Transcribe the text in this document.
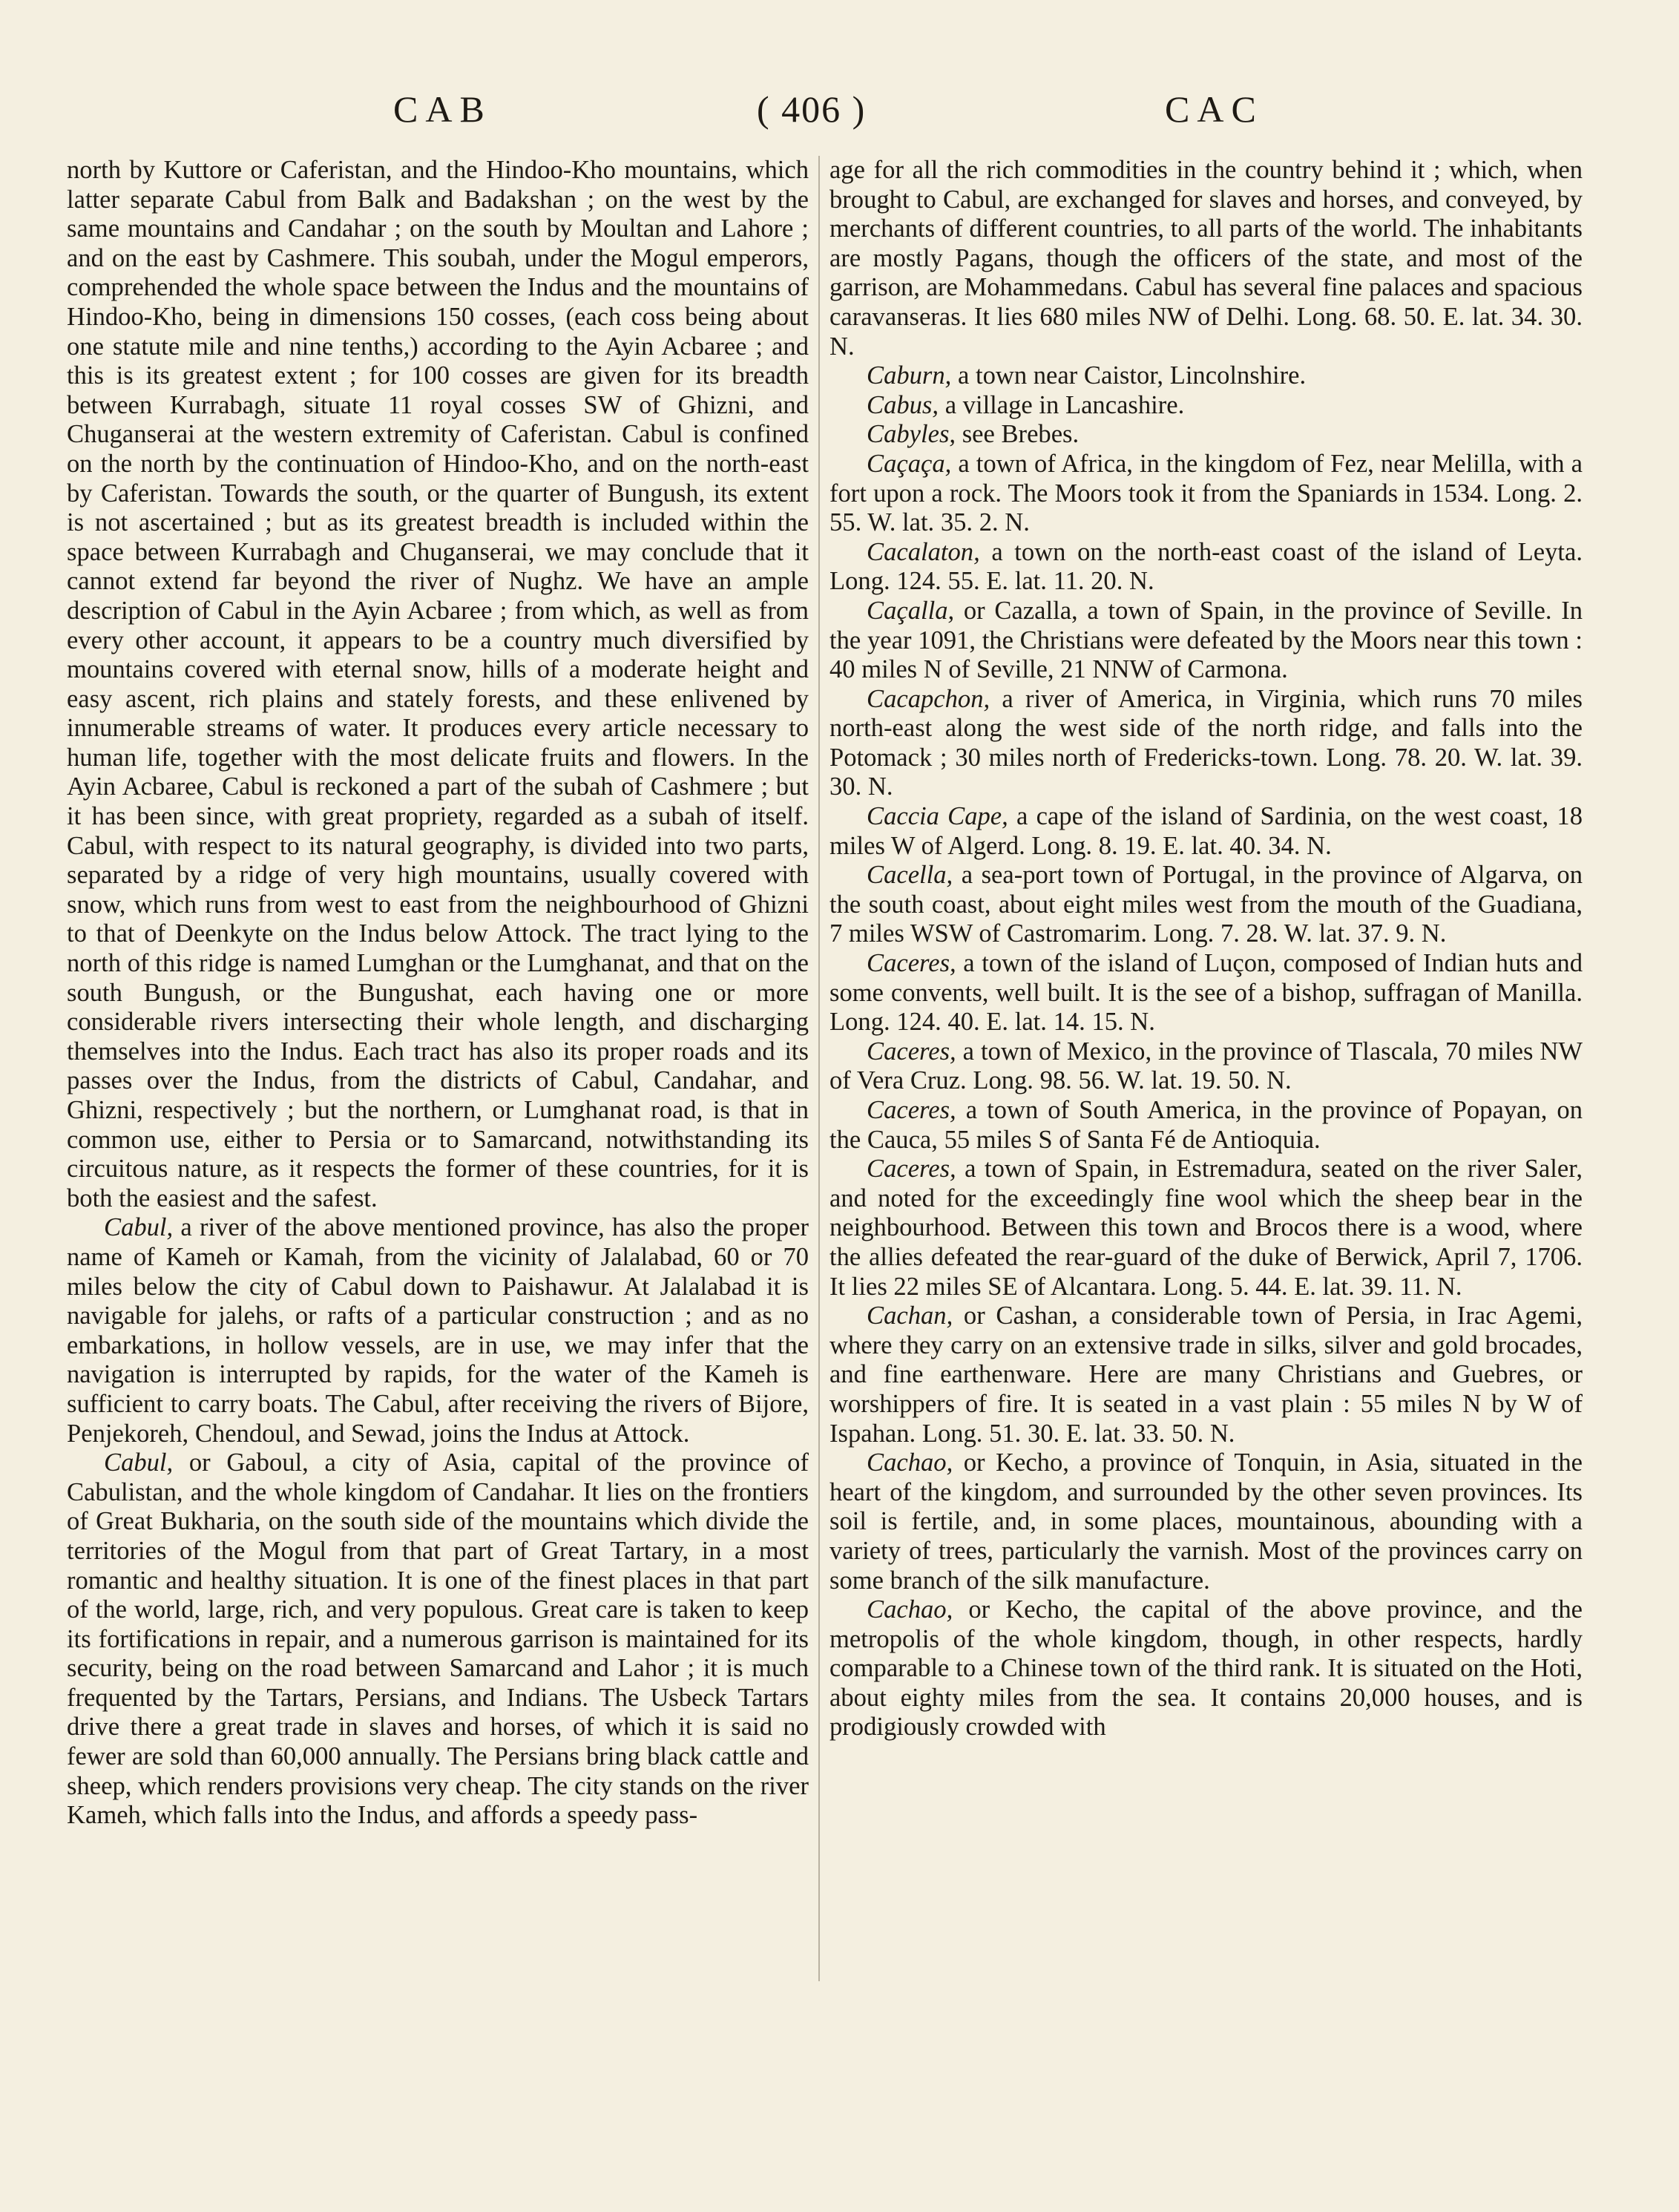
CAB	( 406 )	CAC

north by Kuttore or Caferistan, and the Hindoo-Kho mountains, which latter separate Cabul from Balk and Badakshan ; on the west by the same mountains and Candahar ; on the south by Moultan and Lahore ; and on the east by Cashmere. This soubah, under the Mogul emperors, comprehended the whole space between the Indus and the mountains of Hindoo-Kho, being in dimensions 150 cosses, (each coss being about one statute mile and nine tenths,) according to the Ayin Acbaree ; and this is its greatest extent ; for 100 cosses are given for its breadth between Kurrabagh, situate 11 royal cosses SW of Ghizni, and Chuganserai at the western extremity of Caferistan. Cabul is confined on the north by the continuation of Hindoo-Kho, and on the north-east by Caferistan. Towards the south, or the quarter of Bungush, its extent is not ascertained ; but as its greatest breadth is included within the space between Kurrabagh and Chuganserai, we may conclude that it cannot extend far beyond the river of Nughz. We have an ample description of Cabul in the Ayin Acbaree ; from which, as well as from every other account, it appears to be a country much diversified by mountains covered with eternal snow, hills of a moderate height and easy ascent, rich plains and stately forests, and these enlivened by innumerable streams of water. It produces every article necessary to human life, together with the most delicate fruits and flowers. In the Ayin Acbaree, Cabul is reckoned a part of the subah of Cashmere ; but it has been since, with great propriety, regarded as a subah of itself. Cabul, with respect to its natural geography, is divided into two parts, separated by a ridge of very high mountains, usually covered with snow, which runs from west to east from the neighbourhood of Ghizni to that of Deenkyte on the Indus below Attock. The tract lying to the north of this ridge is named Lumghan or the Lumghanat, and that on the south Bungush, or the Bungushat, each having one or more considerable rivers intersecting their whole length, and discharging themselves into the Indus. Each tract has also its proper roads and its passes over the Indus, from the districts of Cabul, Candahar, and Ghizni, respectively ; but the northern, or Lumghanat road, is that in common use, either to Persia or to Samarcand, notwithstanding its circuitous nature, as it respects the former of these countries, for it is both the easiest and the safest.

Cabul, a river of the above mentioned province, has also the proper name of Kameh or Kamah, from the vicinity of Jalalabad, 60 or 70 miles below the city of Cabul down to Paishawur. At Jalalabad it is navigable for jalehs, or rafts of a particular construction ; and as no embarkations, in hollow vessels, are in use, we may infer that the navigation is interrupted by rapids, for the water of the Kameh is sufficient to carry boats. The Cabul, after receiving the rivers of Bijore, Penjekoreh, Chendoul, and Sewad, joins the Indus at Attock.

Cabul, or Gaboul, a city of Asia, capital of the province of Cabulistan, and the whole kingdom of Candahar. It lies on the frontiers of Great Bukharia, on the south side of the mountains which divide the territories of the Mogul from that part of Great Tartary, in a most romantic and healthy situation. It is one of the finest places in that part of the world, large, rich, and very populous. Great care is taken to keep its fortifications in repair, and a numerous garrison is maintained for its security, being on the road between Samarcand and Lahor ; it is much frequented by the Tartars, Persians, and Indians. The Usbeck Tartars drive there a great trade in slaves and horses, of which it is said no fewer are sold than 60,000 annually. The Persians bring black cattle and sheep, which renders provisions very cheap. The city stands on the river Kameh, which falls into the Indus, and affords a speedy pass-

age for all the rich commodities in the country behind it ; which, when brought to Cabul, are exchanged for slaves and horses, and conveyed, by merchants of different countries, to all parts of the world. The inhabitants are mostly Pagans, though the officers of the state, and most of the garrison, are Mohammedans. Cabul has several fine palaces and spacious caravanseras. It lies 680 miles NW of Delhi. Long. 68. 50. E. lat. 34. 30. N.

Caburn, a town near Caistor, Lincolnshire.

Cabus, a village in Lancashire.

Cabyles, see Brebes.

Caçaça, a town of Africa, in the kingdom of Fez, near Melilla, with a fort upon a rock. The Moors took it from the Spaniards in 1534. Long. 2. 55. W. lat. 35. 2. N.

Cacalaton, a town on the north-east coast of the island of Leyta. Long. 124. 55. E. lat. 11. 20. N.

Caçalla, or Cazalla, a town of Spain, in the province of Seville. In the year 1091, the Christians were defeated by the Moors near this town : 40 miles N of Seville, 21 NNW of Carmona.

Cacapchon, a river of America, in Virginia, which runs 70 miles north-east along the west side of the north ridge, and falls into the Potomack ; 30 miles north of Fredericks-town. Long. 78. 20. W. lat. 39. 30. N.

Caccia Cape, a cape of the island of Sardinia, on the west coast, 18 miles W of Algerd. Long. 8. 19. E. lat. 40. 34. N.

Cacella, a sea-port town of Portugal, in the province of Algarva, on the south coast, about eight miles west from the mouth of the Guadiana, 7 miles WSW of Castromarim. Long. 7. 28. W. lat. 37. 9. N.

Caceres, a town of the island of Luçon, composed of Indian huts and some convents, well built. It is the see of a bishop, suffragan of Manilla. Long. 124. 40. E. lat. 14. 15. N.

Caceres, a town of Mexico, in the province of Tlascala, 70 miles NW of Vera Cruz. Long. 98. 56. W. lat. 19. 50. N.

Caceres, a town of South America, in the province of Popayan, on the Cauca, 55 miles S of Santa Fé de Antioquia.

Caceres, a town of Spain, in Estremadura, seated on the river Saler, and noted for the exceedingly fine wool which the sheep bear in the neighbourhood. Between this town and Brocos there is a wood, where the allies defeated the rear-guard of the duke of Berwick, April 7, 1706. It lies 22 miles SE of Alcantara. Long. 5. 44. E. lat. 39. 11. N.

Cachan, or Cashan, a considerable town of Persia, in Irac Agemi, where they carry on an extensive trade in silks, silver and gold brocades, and fine earthenware. Here are many Christians and Guebres, or worshippers of fire. It is seated in a vast plain : 55 miles N by W of Ispahan. Long. 51. 30. E. lat. 33. 50. N.

Cachao, or Kecho, a province of Tonquin, in Asia, situated in the heart of the kingdom, and surrounded by the other seven provinces. Its soil is fertile, and, in some places, mountainous, abounding with a variety of trees, particularly the varnish. Most of the provinces carry on some branch of the silk manufacture.

Cachao, or Kecho, the capital of the above province, and the metropolis of the whole kingdom, though, in other respects, hardly comparable to a Chinese town of the third rank. It is situated on the Hoti, about eighty miles from the sea. It contains 20,000 houses, and is prodigiously crowded with
